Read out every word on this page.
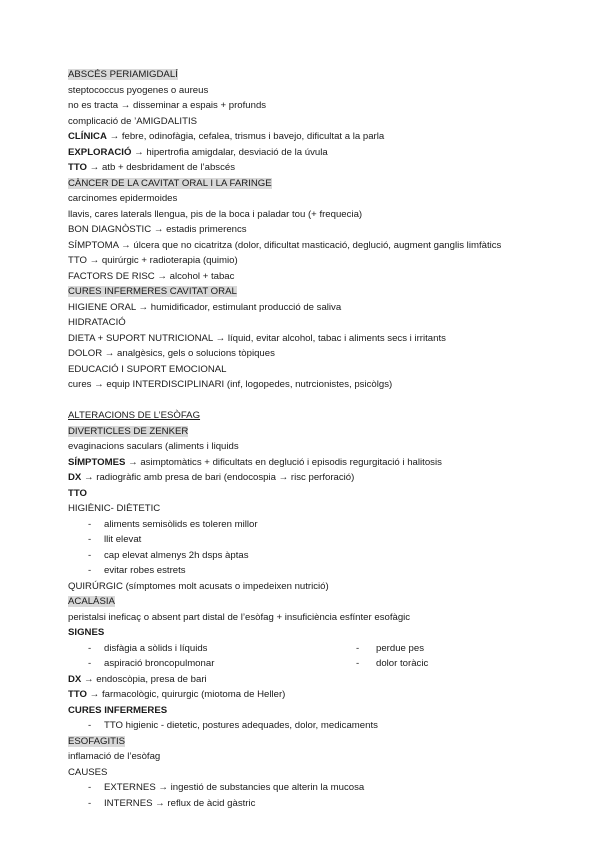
ABSCÉS PERIAMIGDALÍ
steptococcus pyogenes o aureus
no es tracta → disseminar a espais + profunds
complicació de ’AMIGDALITIS
CLÍNICA → febre, odinofàgia, cefalea, trismus i bavejo, dificultat a la parla
EXPLORACIÓ → hipertrofia amigdalar, desviació de la úvula
TTO → atb + desbridament de l’abscés
CÀNCER DE LA CAVITAT ORAL I LA FARINGE
carcinomes epidermoides
llavis, cares laterals llengua, pis de la boca i paladar tou (+ frequecia)
BON DIAGNÒSTIC → estadis primerencs
SÍMPTOMA → úlcera que no cicatritza (dolor, dificultat masticació, deglució, augment ganglis limfàtics
TTO → quirúrgic + radioterapia (quimio)
FACTORS DE RISC → alcohol + tabac
CURES INFERMERES CAVITAT ORAL
HIGIENE ORAL → humidificador, estimulant producció de saliva
HIDRATACIÓ
DIETA + SUPORT NUTRICIONAL → líquid, evitar alcohol, tabac i aliments secs i irritants
DOLOR → analgèsics, gels o solucions tòpiques
EDUCACIÓ I SUPORT EMOCIONAL
cures → equip INTERDISCIPLINARI (inf, logopedes, nutrcionistes, psicòlgs)
ALTERACIONS DE L’ESÒFAG
DIVERTICLES DE ZENKER
evaginacions saculars (aliments i liquids
SÍMPTOMES → asimptomàtics + dificultats en deglució i episodis regurgitació i halitosis
DX → radiogràfic amb presa de bari (endocospia → risc perforació)
TTO
HIGIÈNIC- DIÈTETIC
- aliments semisòlids es toleren millor
- llit elevat
- cap elevat almenys 2h dsps àptas
- evitar robes estrets
QUIRÚRGIC (símptomes molt acusats o impedeixen nutrició)
ACALÀSIA
peristalsi ineficaç o absent part distal de l’esòfag + insuficiència esfínter esofàgic
SIGNES
- disfàgia a sòlids i líquids	- perdue pes
- aspiració broncopulmonar	- dolor toràcic
DX → endoscòpia, presa de bari
TTO → farmacològic, quirurgic (miotoma de Heller)
CURES INFERMERES
- TTO higienic - dietetic, postures adequades, dolor, medicaments
ESOFAGITIS
inflamació de l’esòfag
CAUSES
- EXTERNES → ingestió de substancies que alterin la mucosa
- INTERNES → reflux de àcid gàstric
